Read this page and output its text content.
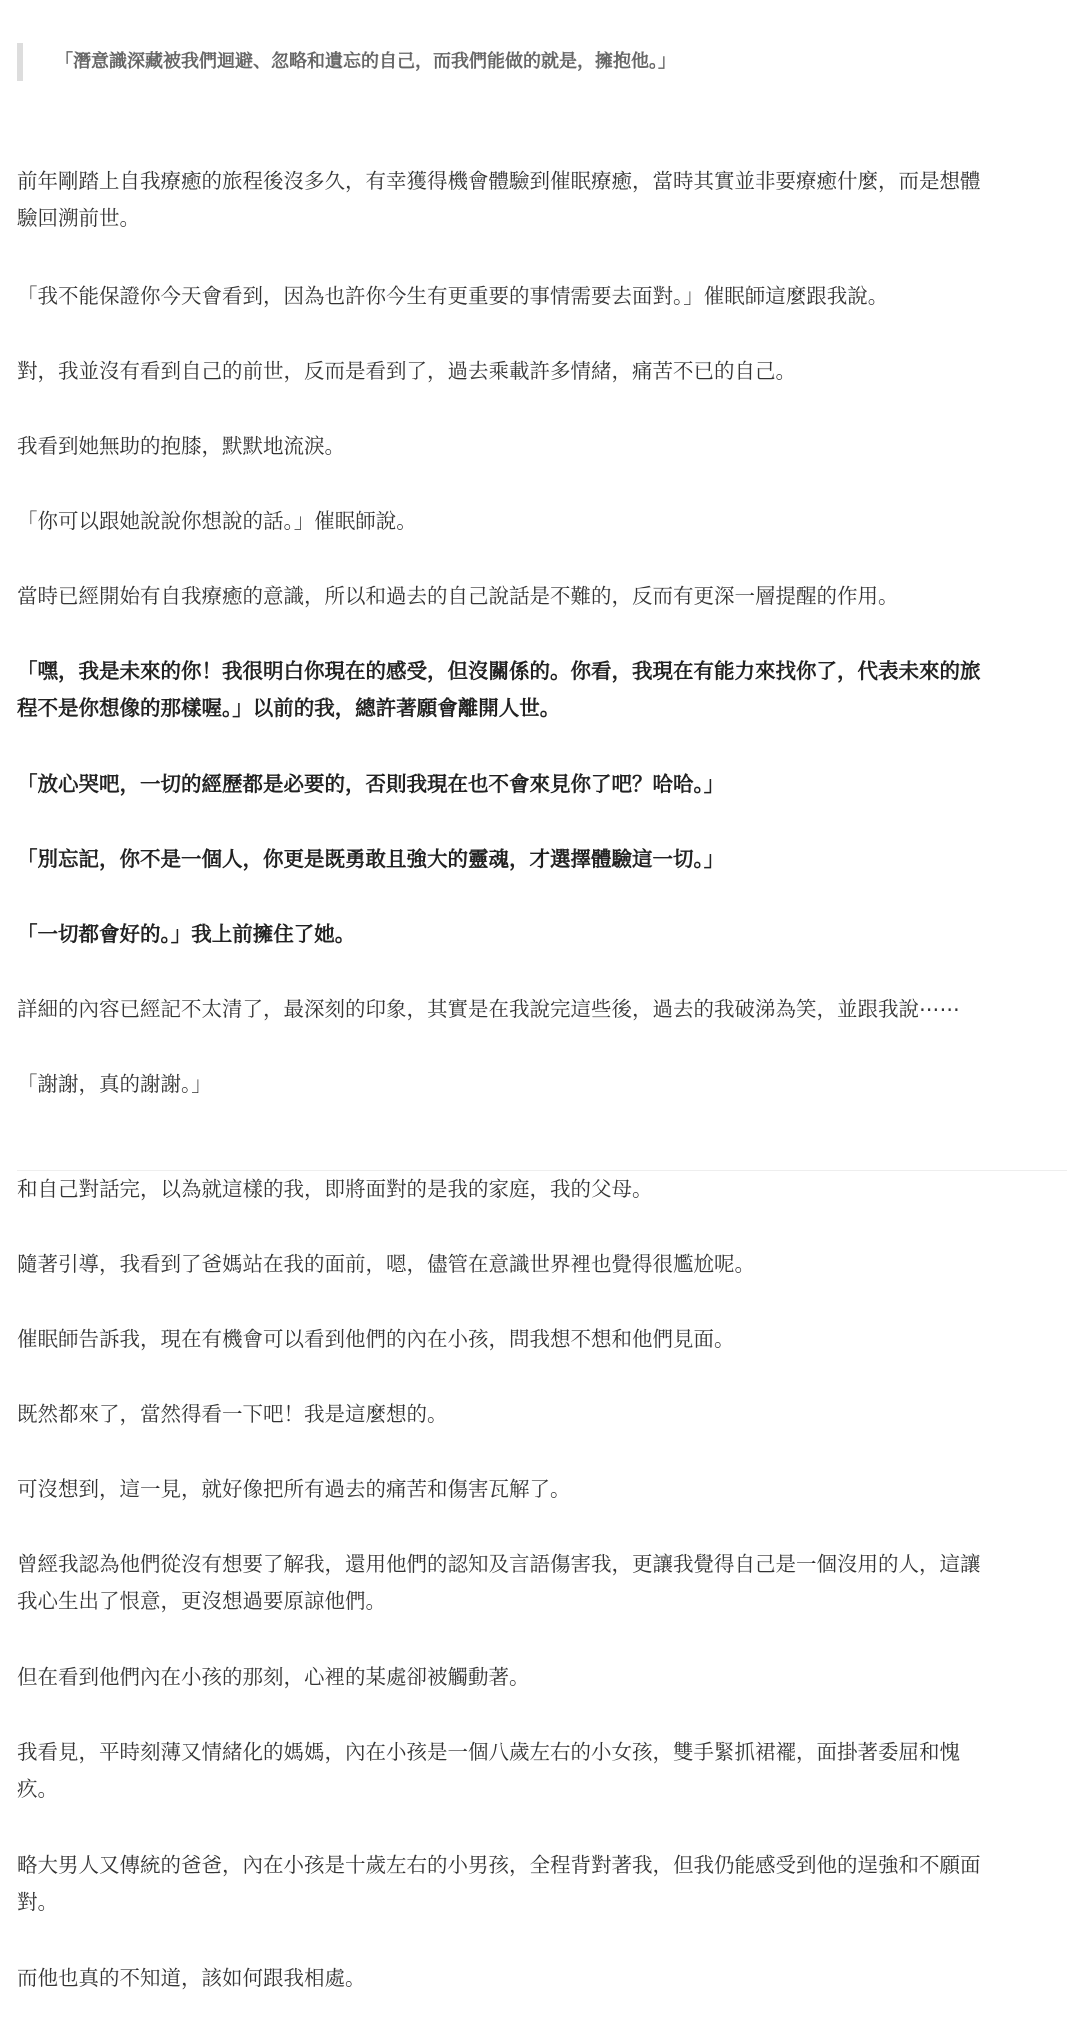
「潛意識深藏被我們迴避、忽略和遺忘的自己，而我們能做的就是，擁抱他。」

前年剛踏上自我療癒的旅程後沒多久，有幸獲得機會體驗到催眠療癒，當時其實並非要療癒什麼，而是想體
驗回溯前世。

「我不能保證你今天會看到，因為也許你今生有更重要的事情需要去面對。」催眠師這麼跟我說。

對，我並沒有看到自己的前世，反而是看到了，過去乘載許多情緒，痛苦不已的自己。

我看到她無助的抱膝，默默地流淚。

「你可以跟她說說你想說的話。」催眠師說。

當時已經開始有自我療癒的意識，所以和過去的自己說話是不難的，反而有更深一層提醒的作用。

「嘿，我是未來的你！我很明白你現在的感受，但沒關係的。你看，我現在有能力來找你了，代表未來的旅
程不是你想像的那樣喔。」以前的我，總許著願會離開人世。

「放心哭吧，一切的經歷都是必要的，否則我現在也不會來見你了吧？哈哈。」

「別忘記，你不是一個人，你更是既勇敢且強大的靈魂，才選擇體驗這一切。」

「一切都會好的。」我上前擁住了她。

詳細的內容已經記不太清了，最深刻的印象，其實是在我說完這些後，過去的我破涕為笑，並跟我說⋯⋯

「謝謝，真的謝謝。」

和自己對話完，以為就這樣的我，即將面對的是我的家庭，我的父母。

隨著引導，我看到了爸媽站在我的面前，嗯，儘管在意識世界裡也覺得很尷尬呢。

催眠師告訴我，現在有機會可以看到他們的內在小孩，問我想不想和他們見面。

既然都來了，當然得看一下吧！我是這麼想的。

可沒想到，這一見，就好像把所有過去的痛苦和傷害瓦解了。

曾經我認為他們從沒有想要了解我，還用他們的認知及言語傷害我，更讓我覺得自己是一個沒用的人，這讓
我心生出了恨意，更沒想過要原諒他們。

但在看到他們內在小孩的那刻，心裡的某處卻被觸動著。

我看見，平時刻薄又情緒化的媽媽，內在小孩是一個八歲左右的小女孩，雙手緊抓裙襬，面掛著委屈和愧
疚。

略大男人又傳統的爸爸，內在小孩是十歲左右的小男孩，全程背對著我，但我仍能感受到他的逞強和不願面
對。

而他也真的不知道，該如何跟我相處。
